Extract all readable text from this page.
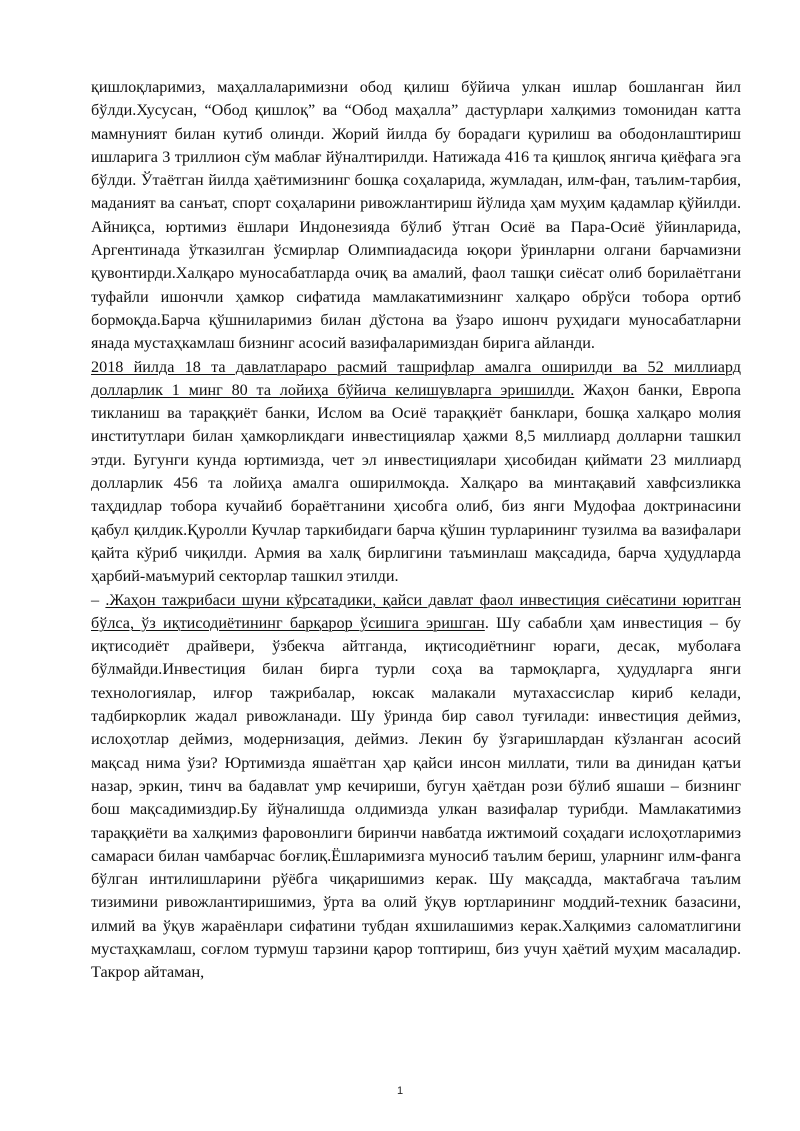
қишлоқларимиз, маҳаллаларимизни обод қилиш бўйича улкан ишлар бошланган йил бўлди.Хусусан, “Обод қишлоқ” ва “Обод маҳалла” дастурлари халқимиз томонидан катта мамнуният билан кутиб олинди. Жорий йилда бу борадаги қурилиш ва ободонлаштириш ишларига 3 триллион сўм маблағ йўналтирилди. Натижада 416 та қишлоқ янгича қиёфага эга бўлди. Ўтаётган йилда ҳаётимизнинг бошқа соҳаларида, жумладан, илм-фан, таълим-тарбия, маданият ва санъат, спорт соҳаларини ривожлантириш йўлида ҳам муҳим қадамлар қўйилди. Айниқса, юртимиз ёшлари Индонезияда бўлиб ўтган Осиё ва Пара-Осиё ўйинларида, Аргентинада ўтказилган ўсмирлар Олимпиадасида юқори ўринларни олгани барчамизни қувонтирди.Халқаро муносабатларда очиқ ва амалий, фаол ташқи сиёсат олиб борилаётгани туфайли ишончли ҳамкор сифатида мамлакатимизнинг халқаро обрўси тобора ортиб бормоқда.Барча қўшниларимиз билан дўстона ва ўзаро ишонч руҳидаги муносабатларни янада мустаҳкамлаш бизнинг асосий вазифаларимиздан бирига айланди.

2018 йилда 18 та давлатлараро расмий ташрифлар амалга оширилди ва 52 миллиард долларлик 1 минг 80 та лойиҳа бўйича келишувларга эришилди. Жаҳон банки, Европа тикланиш ва тараққиёт банки, Ислом ва Осиё тараққиёт банклари, бошқа халқаро молия институтлари билан ҳамкорликдаги инвестициялар ҳажми 8,5 миллиард долларни ташкил этди. Бугунги кунда юртимизда, чет эл инвестициялари ҳисобидан қиймати 23 миллиард долларлик 456 та лойиҳа амалга оширилмоқда. Халқаро ва минтақавий хавфсизликка таҳдидлар тобора кучайиб бораётганини ҳисобга олиб, биз янги Мудофаа доктринасини қабул қилдик.Қуролли Кучлар таркибидаги барча қўшин турларининг тузилма ва вазифалари қайта кўриб чиқилди. Армия ва халқ бирлигини таъминлаш мақсадида, барча ҳудудларда ҳарбий-маъмурий секторлар ташкил этилди.

– .Жаҳон тажрибаси шуни кўрсатадики, қайси давлат фаол инвестиция сиёсатини юритган бўлса, ўз иқтисодиётининг барқарор ўсишига эришган. Шу сабабли ҳам инвестиция – бу иқтисодиёт драйвери, ўзбекча айтганда, иқтисодиётнинг юраги, десак, муболаға бўлмайди.Инвестиция билан бирга турли соҳа ва тармоқларга, ҳудудларга янги технологиялар, илғор тажрибалар, юксак малакали мутахассислар кириб келади, тадбиркорлик жадал ривожланади. Шу ўринда бир савол туғилади: инвестиция деймиз, ислоҳотлар деймиз, модернизация, деймиз. Лекин бу ўзгаришлардан кўзланган асосий мақсад нима ўзи? Юртимизда яшаётган ҳар қайси инсон миллати, тили ва динидан қатъи назар, эркин, тинч ва бадавлат умр кечириши, бугун ҳаётдан рози бўлиб яшаши – бизнинг бош мақсадимиздир.Бу йўналишда олдимизда улкан вазифалар турибди. Мамлакатимиз тараққиёти ва халқимиз фаровонлиги биринчи навбатда ижтимоий соҳадаги ислоҳотларимиз самараси билан чамбарчас боғлиқ.Ёшларимизга муносиб таълим бериш, уларнинг илм-фанга бўлган интилишларини рўёбга чиқаришимиз керак. Шу мақсадда, мактабгача таълим тизимини ривожлантиришимиз, ўрта ва олий ўқув юртларининг моддий-техник базасини, илмий ва ўқув жараёнлари сифатини тубдан яхшилашимиз керак.Халқимиз саломатлигини мустаҳкамлаш, соғлом турмуш тарзини қарор топтириш, биз учун ҳаётий муҳим масаладир. Такрор айтаман,

1
